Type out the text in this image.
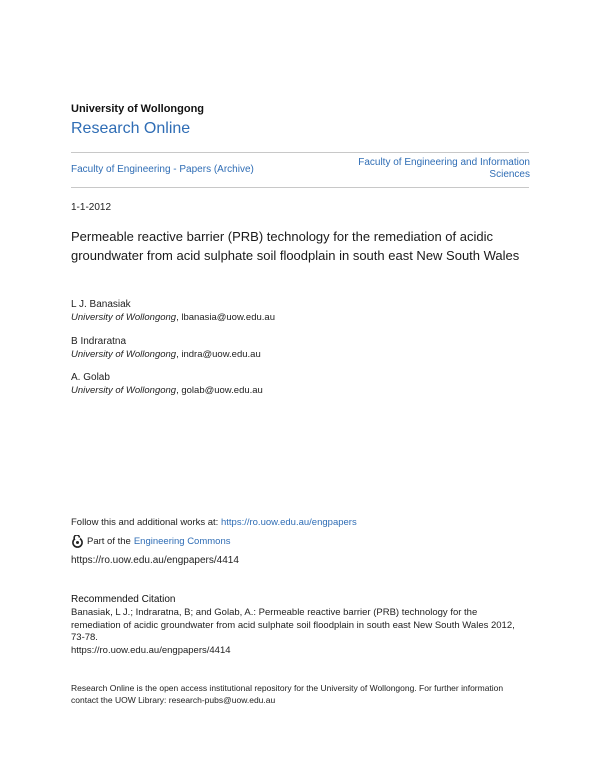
University of Wollongong
Research Online
Faculty of Engineering - Papers (Archive)
Faculty of Engineering and Information
Sciences
1-1-2012
Permeable reactive barrier (PRB) technology for the remediation of acidic groundwater from acid sulphate soil floodplain in south east New South Wales
L J. Banasiak
University of Wollongong, lbanasia@uow.edu.au
B Indraratna
University of Wollongong, indra@uow.edu.au
A. Golab
University of Wollongong, golab@uow.edu.au
Follow this and additional works at: https://ro.uow.edu.au/engpapers
Part of the Engineering Commons
https://ro.uow.edu.au/engpapers/4414
Recommended Citation
Banasiak, L J.; Indraratna, B; and Golab, A.: Permeable reactive barrier (PRB) technology for the remediation of acidic groundwater from acid sulphate soil floodplain in south east New South Wales 2012, 73-78.
https://ro.uow.edu.au/engpapers/4414
Research Online is the open access institutional repository for the University of Wollongong. For further information contact the UOW Library: research-pubs@uow.edu.au
